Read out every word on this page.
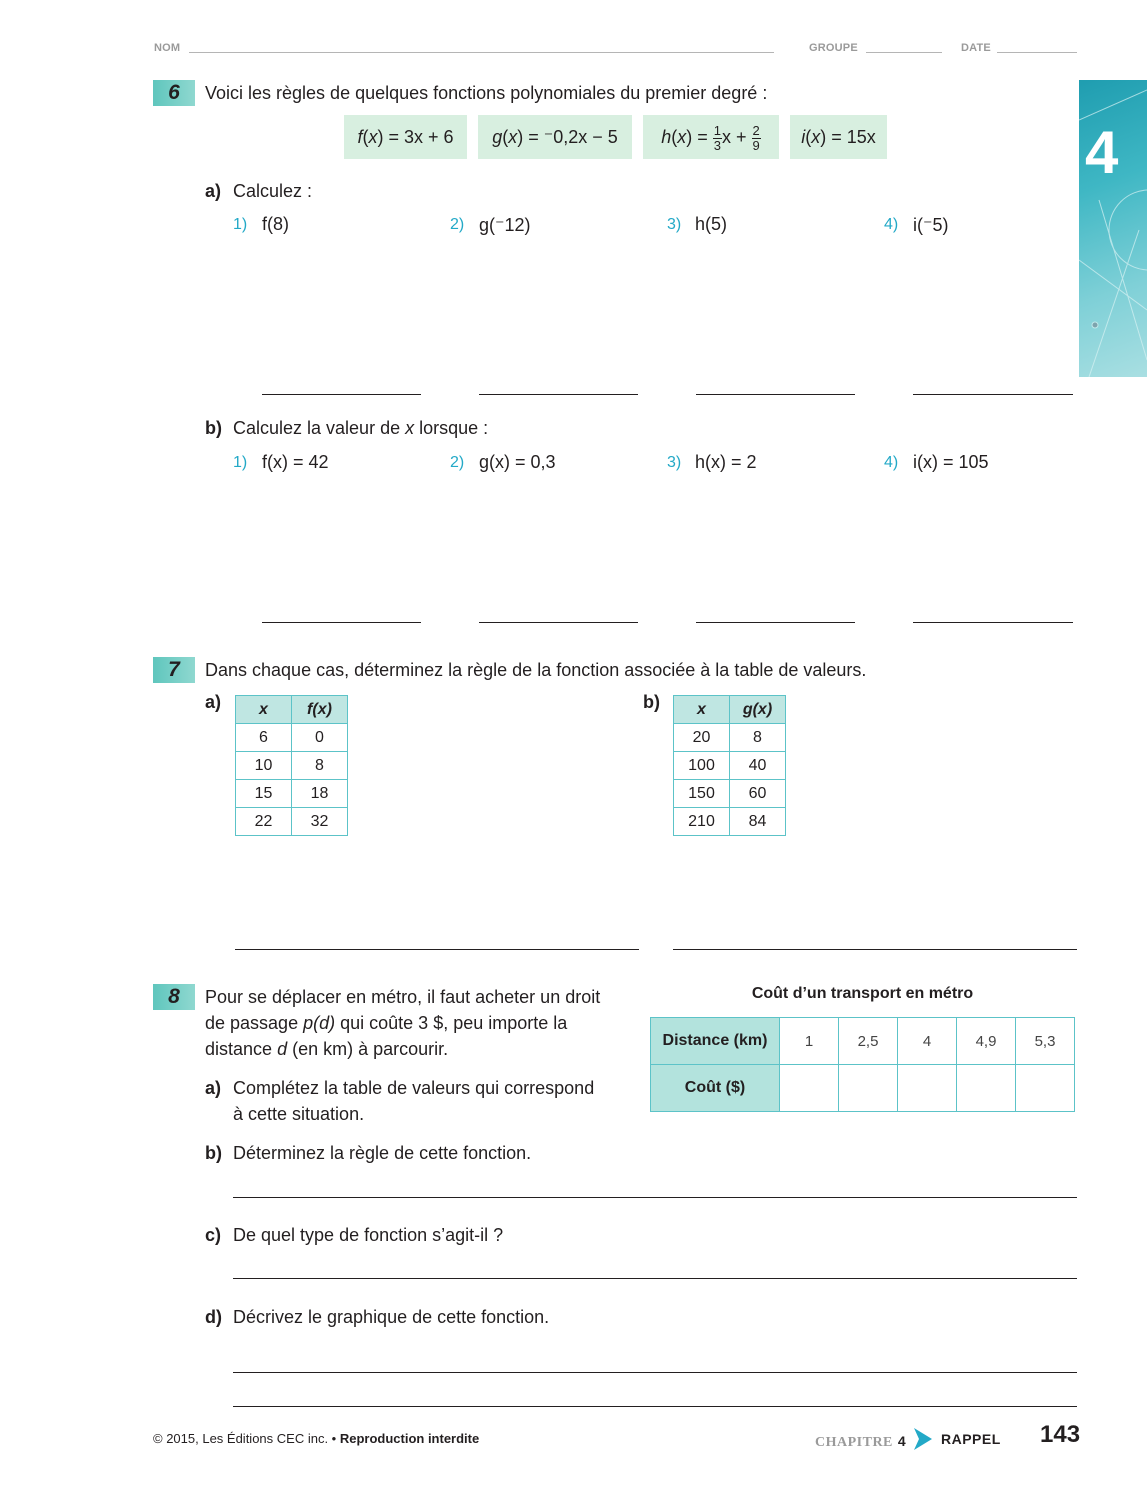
NOM	GROUPE	DATE
4
6	Voici les règles de quelques fonctions polynomiales du premier degré :
f(x) = 3x + 6	g(x) = ⁻0,2x − 5	$h(x) = \frac{1}{3}$ $x + \frac{2}{9}$	i(x) = 15x
a) Calculez :
1) f(8)	2) g(⁻12)	3) h(5)	4) i(⁻5)
b) Calculez la valeur de x lorsque :
1) f(x) = 42	2) g(x) = 0,3	3) h(x) = 2	4) i(x) = 105
7	Dans chaque cas, déterminez la règle de la fonction associée à la table de valeurs.
a) x	f(x)
6	0
10	8
15	18
22	32
b) x	g(x)
20	8
100	40
150	60
210	84
8	Pour se déplacer en métro, il faut acheter un droit
de passage p(d) qui coûte 3 $, peu importe la
distance d (en km) à parcourir.
Coût d’un transport en métro
Distance (km)	1	2,5	4	4,9	5,3
Coût ($)					
a) Complétez la table de valeurs qui correspond
à cette situation.
b) Déterminez la règle de cette fonction.
c) De quel type de fonction s’agit-il ?
d) Décrivez le graphique de cette fonction.
© 2015, Les Éditions CEC inc. • Reproduction interdite	CHAPITRE 4	RAPPEL 143
